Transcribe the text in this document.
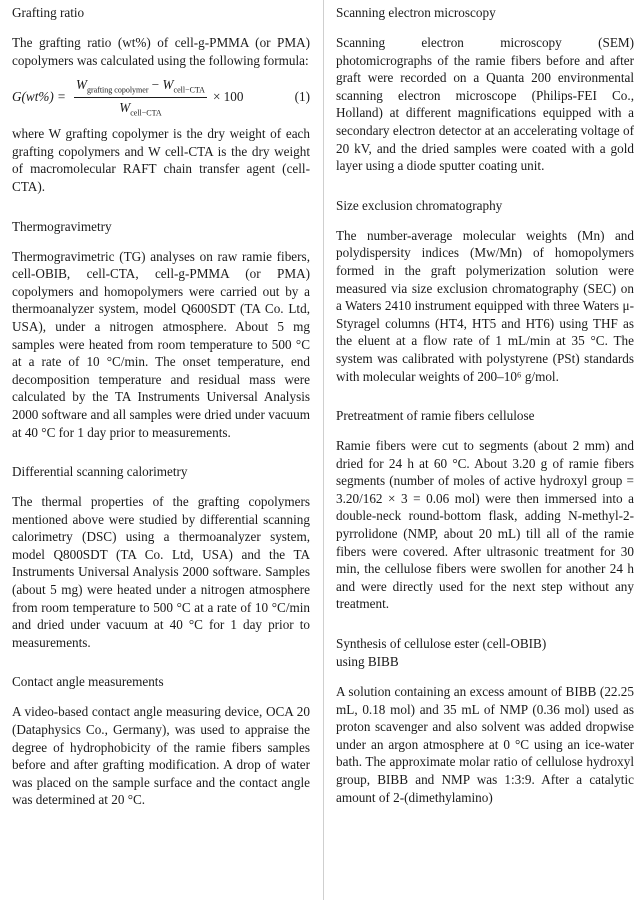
Grafting ratio

The grafting ratio (wt%) of cell-g-PMMA (or PMA) copolymers was calculated using the following formula:

$G(wt\%) = \frac{W_{grafting copolymer} - W_{cell-CTA}}{W_{cell-CTA}} \times 100$	(1)

where W grafting copolymer is the dry weight of each grafting copolymers and W cell-CTA is the dry weight of macromolecular RAFT chain transfer agent (cell-CTA).

Thermogravimetry

Thermogravimetric (TG) analyses on raw ramie fibers, cell-OBIB, cell-CTA, cell-g-PMMA (or PMA) copolymers and homopolymers were carried out by a thermoanalyzer system, model Q600SDT (TA Co. Ltd, USA), under a nitrogen atmosphere. About 5 mg samples were heated from room temperature to 500 °C at a rate of 10 °C/min. The onset temperature, end decomposition temperature and residual mass were calculated by the TA Instruments Universal Analysis 2000 software and all samples were dried under vacuum at 40 °C for 1 day prior to measurements.

Differential scanning calorimetry

The thermal properties of the grafting copolymers mentioned above were studied by differential scanning calorimetry (DSC) using a thermoanalyzer system, model Q800SDT (TA Co. Ltd, USA) and the TA Instruments Universal Analysis 2000 software. Samples (about 5 mg) were heated under a nitrogen atmosphere from room temperature to 500 °C at a rate of 10 °C/min and dried under vacuum at 40 °C for 1 day prior to measurements.

Contact angle measurements

A video-based contact angle measuring device, OCA 20 (Dataphysics Co., Germany), was used to appraise the degree of hydrophobicity of the ramie fibers samples before and after grafting modification. A drop of water was placed on the sample surface and the contact angle was determined at 20 °C.

Scanning electron microscopy

Scanning electron microscopy (SEM) photomicrographs of the ramie fibers before and after graft were recorded on a Quanta 200 environmental scanning electron microscope (Philips-FEI Co., Holland) at different magnifications equipped with a secondary electron detector at an accelerating voltage of 20 kV, and the dried samples were coated with a gold layer using a diode sputter coating unit.

Size exclusion chromatography

The number-average molecular weights (Mn) and polydispersity indices (Mw/Mn) of homopolymers formed in the graft polymerization solution were measured via size exclusion chromatography (SEC) on a Waters 2410 instrument equipped with three Waters μ-Styragel columns (HT4, HT5 and HT6) using THF as the eluent at a flow rate of 1 mL/min at 35 °C. The system was calibrated with polystyrene (PSt) standards with molecular weights of 200–10⁶ g/mol.

Pretreatment of ramie fibers cellulose

Ramie fibers were cut to segments (about 2 mm) and dried for 24 h at 60 °C. About 3.20 g of ramie fibers segments (number of moles of active hydroxyl group = 3.20/162 × 3 = 0.06 mol) were then immersed into a double-neck round-bottom flask, adding N-methyl-2-pyrrolidone (NMP, about 20 mL) till all of the ramie fibers were covered. After ultrasonic treatment for 30 min, the cellulose fibers were swollen for another 24 h and were directly used for the next step without any treatment.

Synthesis of cellulose ester (cell-OBIB)
using BIBB

A solution containing an excess amount of BIBB (22.25 mL, 0.18 mol) and 35 mL of NMP (0.36 mol) used as proton scavenger and also solvent was added dropwise under an argon atmosphere at 0 °C using an ice-water bath. The approximate molar ratio of cellulose hydroxyl group, BIBB and NMP was 1:3:9. After a catalytic amount of 2-(dimethylamino)
